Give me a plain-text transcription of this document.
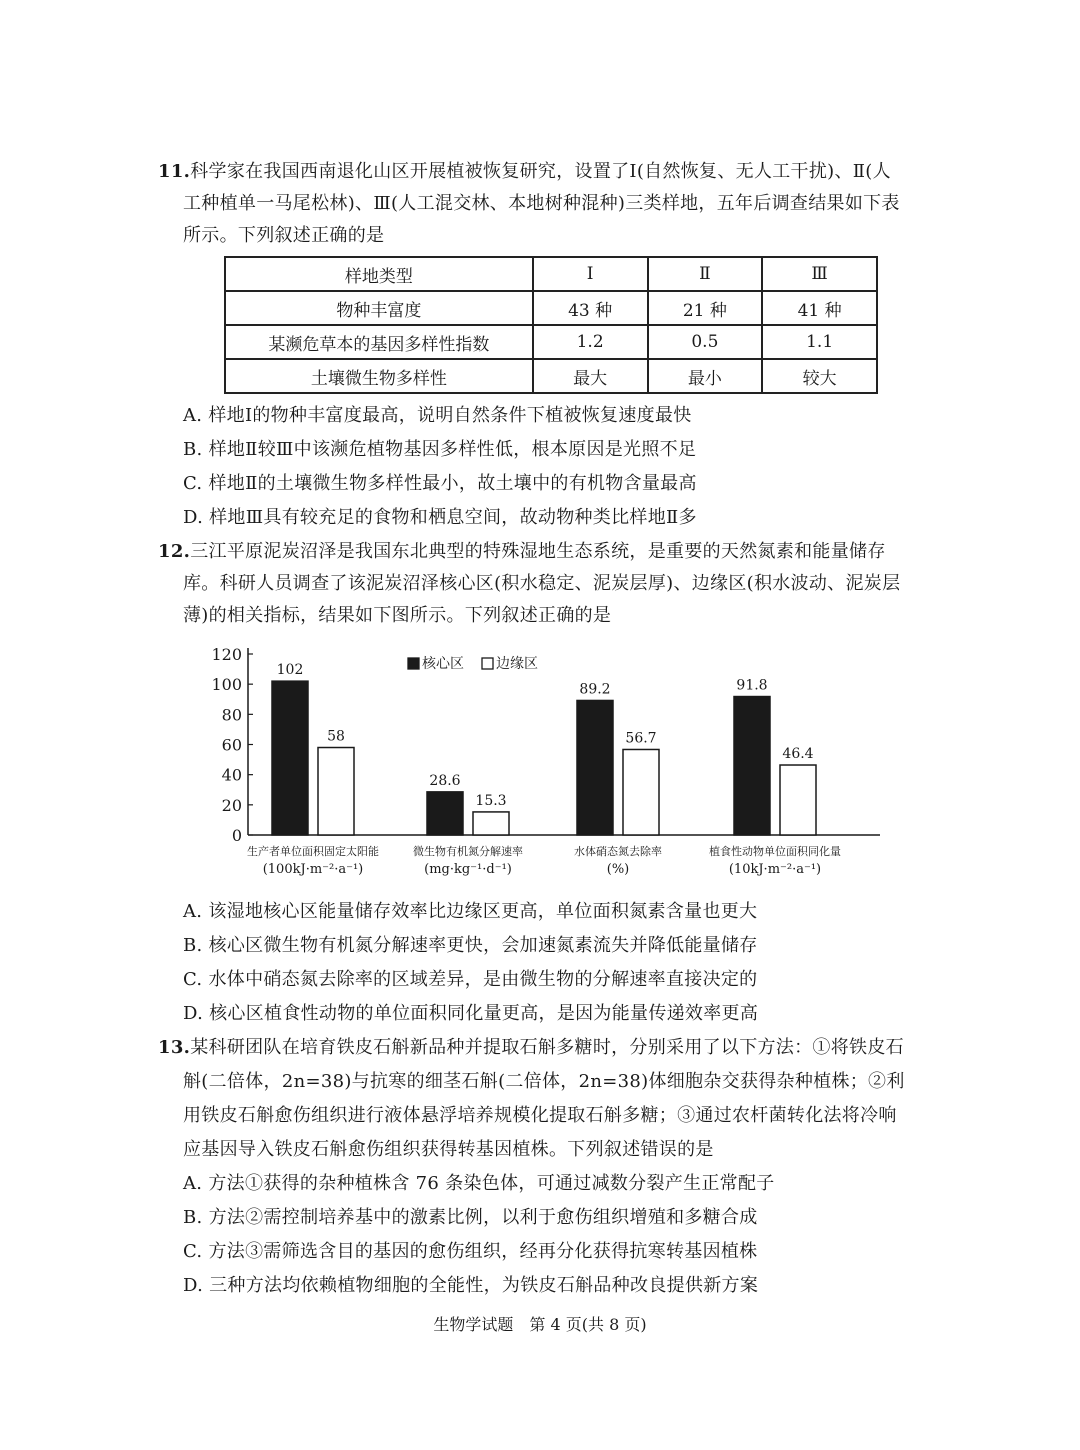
11.科学家在我国西南退化山区开展植被恢复研究，设置了Ⅰ(自然恢复、无人工干扰)、Ⅱ(人
工种植单一马尾松林)、Ⅲ(人工混交林、本地树种混种)三类样地，五年后调查结果如下表
所示。下列叙述正确的是
样地类型	Ⅰ	Ⅱ	Ⅲ
物种丰富度	43 种	21 种	41 种
某濒危草本的基因多样性指数	1.2	0.5	1.1
土壤微生物多样性	最大	最小	较大
A. 样地Ⅰ的物种丰富度最高，说明自然条件下植被恢复速度最快
B. 样地Ⅱ较Ⅲ中该濒危植物基因多样性低，根本原因是光照不足
C. 样地Ⅱ的土壤微生物多样性最小，故土壤中的有机物含量最高
D. 样地Ⅲ具有较充足的食物和栖息空间，故动物种类比样地Ⅱ多
12.三江平原泥炭沼泽是我国东北典型的特殊湿地生态系统，是重要的天然氮素和能量储存
库。科研人员调查了该泥炭沼泽核心区(积水稳定、泥炭层厚)、边缘区(积水波动、泥炭层
薄)的相关指标，结果如下图所示。下列叙述正确的是
0
20
40
60
80
100
120
102
28.6
89.2	91.8
58
15.3
56.7
46.4
生产者单位面积固定太阳能
(100kJ·m⁻²·a⁻¹)
微生物有机氮分解速率
(mg·kg⁻¹·d⁻¹)
水体硝态氮去除率
(%)
植食性动物单位面积同化量
(10kJ·m⁻²·a⁻¹)
核心区 边缘区
A. 该湿地核心区能量储存效率比边缘区更高，单位面积氮素含量也更大
B. 核心区微生物有机氮分解速率更快，会加速氮素流失并降低能量储存
C. 水体中硝态氮去除率的区域差异，是由微生物的分解速率直接决定的
D. 核心区植食性动物的单位面积同化量更高，是因为能量传递效率更高
13.某科研团队在培育铁皮石斛新品种并提取石斛多糖时，分别采用了以下方法：①将铁皮石
斛(二倍体，2n=38)与抗寒的细茎石斛(二倍体，2n=38)体细胞杂交获得杂种植株；②利
用铁皮石斛愈伤组织进行液体悬浮培养规模化提取石斛多糖；③通过农杆菌转化法将冷响
应基因导入铁皮石斛愈伤组织获得转基因植株。下列叙述错误的是
A. 方法①获得的杂种植株含 76 条染色体，可通过减数分裂产生正常配子
B. 方法②需控制培养基中的激素比例，以利于愈伤组织增殖和多糖合成
C. 方法③需筛选含目的基因的愈伤组织，经再分化获得抗寒转基因植株
D. 三种方法均依赖植物细胞的全能性，为铁皮石斛品种改良提供新方案
生物学试题　第 4 页(共 8 页)
